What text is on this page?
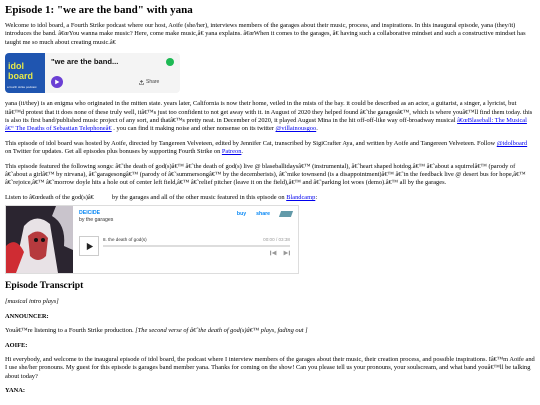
Episode 1: "we are the band" with yana

Welcome to idol board, a Fourth Strike podcast where our host, Aoife (she/her), interviews members of the garages about their music, process, and inspirations. In this inaugural episode, yana (they/it) introduces the band. â€œYou wanna make music? Here, come make music,â€ yana explains. â€œWhen it comes to the garages, â€ having such a collaborative mindset and such a constructive mindset has taught me so much about creating music.â€

idol
board
a fourth strike podcast
"we are the band...
Share

yana (it/they) is an enigma who originated in the mitten state. years later, California is now their home, veiled in the mists of the bay. it could be described as an actor, a guitarist, a singer, a lyricist, but itâ€™d protest that it does none of these truly well, itâ€™s just too confident to not get away with it. in August of 2020 they helped found â€˜the garagesâ€™, which is where youâ€™ll find them today. this is also its first band/published music project of any sort, and thatâ€™s pretty neat. in December of 2020, it played August Mina in the hit off-off-like way off-broadway musical â€œBlaseball: The Musical â€“ The Deaths of Sebastian Telephoneâ€ . you can find it making noise and other nonsense on its twitter @villainousgoo.

This episode of idol board was hosted by Aoife, directed by Tangereen Velveteen, edited by Jennifer Cat, transcribed by SigiCrafter Aya, and written by Aoife and Tangereen Velveteen. Follow @idolboard on Twitter for updates. Get all episodes plus bonuses by supporting Fourth Strike on Patreon.

This episode featured the following songs: â€˜the death of god(s)â€™ â€˜the death of god(s) live @ blaseballidaysâ€™ (instrumental), â€˜heart shaped hotdog.â€™ â€˜about a squirrelâ€™ (parody of â€˜about a girlâ€™ by nirvana), â€˜garagesongâ€™ (parody of â€˜summersongâ€™ by the decemberists), â€˜mike townsend (is a disappointment)â€™ â€˜in the feedback live @ desert bus for hope,â€™ â€˜rejoice,â€™ â€˜morrow doyle hits a hole out of center left field,â€™ â€˜relief pitcher (leave it on the field),â€™ and â€˜parking lot woes (demo).â€™ all by the garages.

Listen to â€œdeath of the god(s)â€	by the garages and all of the other music featured in this episode on Blandcamp:

DEICIDE
by the garages
buy share
8. the death of god(s)	00:00 / 03:38
Episode Transcript

[musical intro plays]

ANNOUNCER:

Youâ€™re listening to a Fourth Strike production. [The second verse of â€˜the death of god(s)â€™ plays, fading out ]

AOIFE:

Hi everybody, and welcome to the inaugural episode of idol board, the podcast where I interview members of the garages about their music, their creation process, and possible inspirations. Iâ€™m Aoife and I use she/her pronouns. My guest for this episode is garages band member yana. Thanks for coming on the show! Can you please tell us your pronouns, your soulscream, and what band youâ€™ll be talking about today?

YANA:
